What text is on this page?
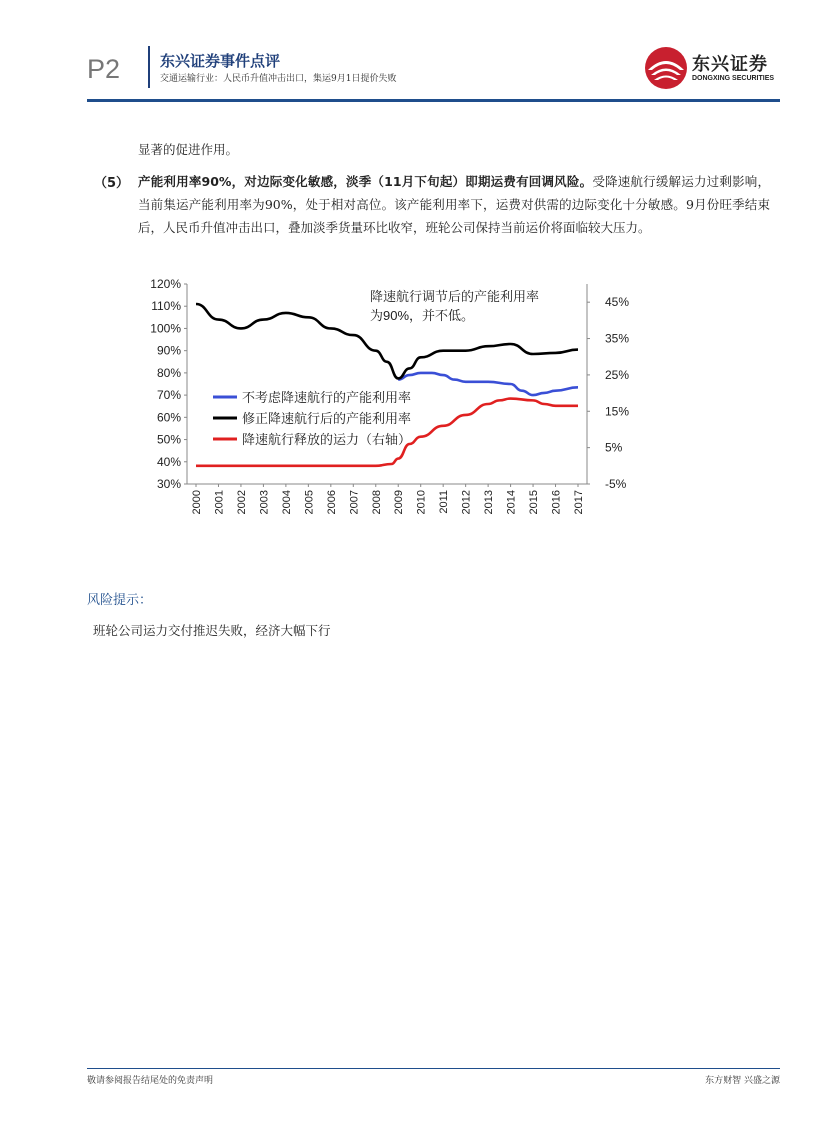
P2	东兴证券事件点评
交通运输行业：人民币升值冲击出口，集运9月1日提价失败
东兴证券
DONGXING SECURITIES
显著的促进作用。
（5） 产能利用率90%，对边际变化敏感，淡季（11月下旬起）即期运费有回调风险。受降速航行缓解运力过剩影响，当前集运产能利用率为90%，处于相对高位。该产能利用率下，运费对供需的边际变化十分敏感。9月份旺季结束后，人民币升值冲击出口，叠加淡季货量环比收窄，班轮公司保持当前运价将面临较大压力。
30%
40%
50%
60%
70%
80%
90%
100%
110%
120%
-5%
5%
15%
25%
35%
45%
2000 2001 2002 2003 2004 2005 2006 2007 2008 2009 2010 2011 2012 2013 2014 2015 2016 2017
不考虑降速航行的产能利用率
修正降速航行后的产能利用率
降速航行释放的运力（右轴）
降速航行调节后的产能利用率
为90%，并不低。
风险提示：
班轮公司运力交付推迟失败，经济大幅下行
敬请参阅报告结尾处的免责声明	东方财智 兴盛之源
